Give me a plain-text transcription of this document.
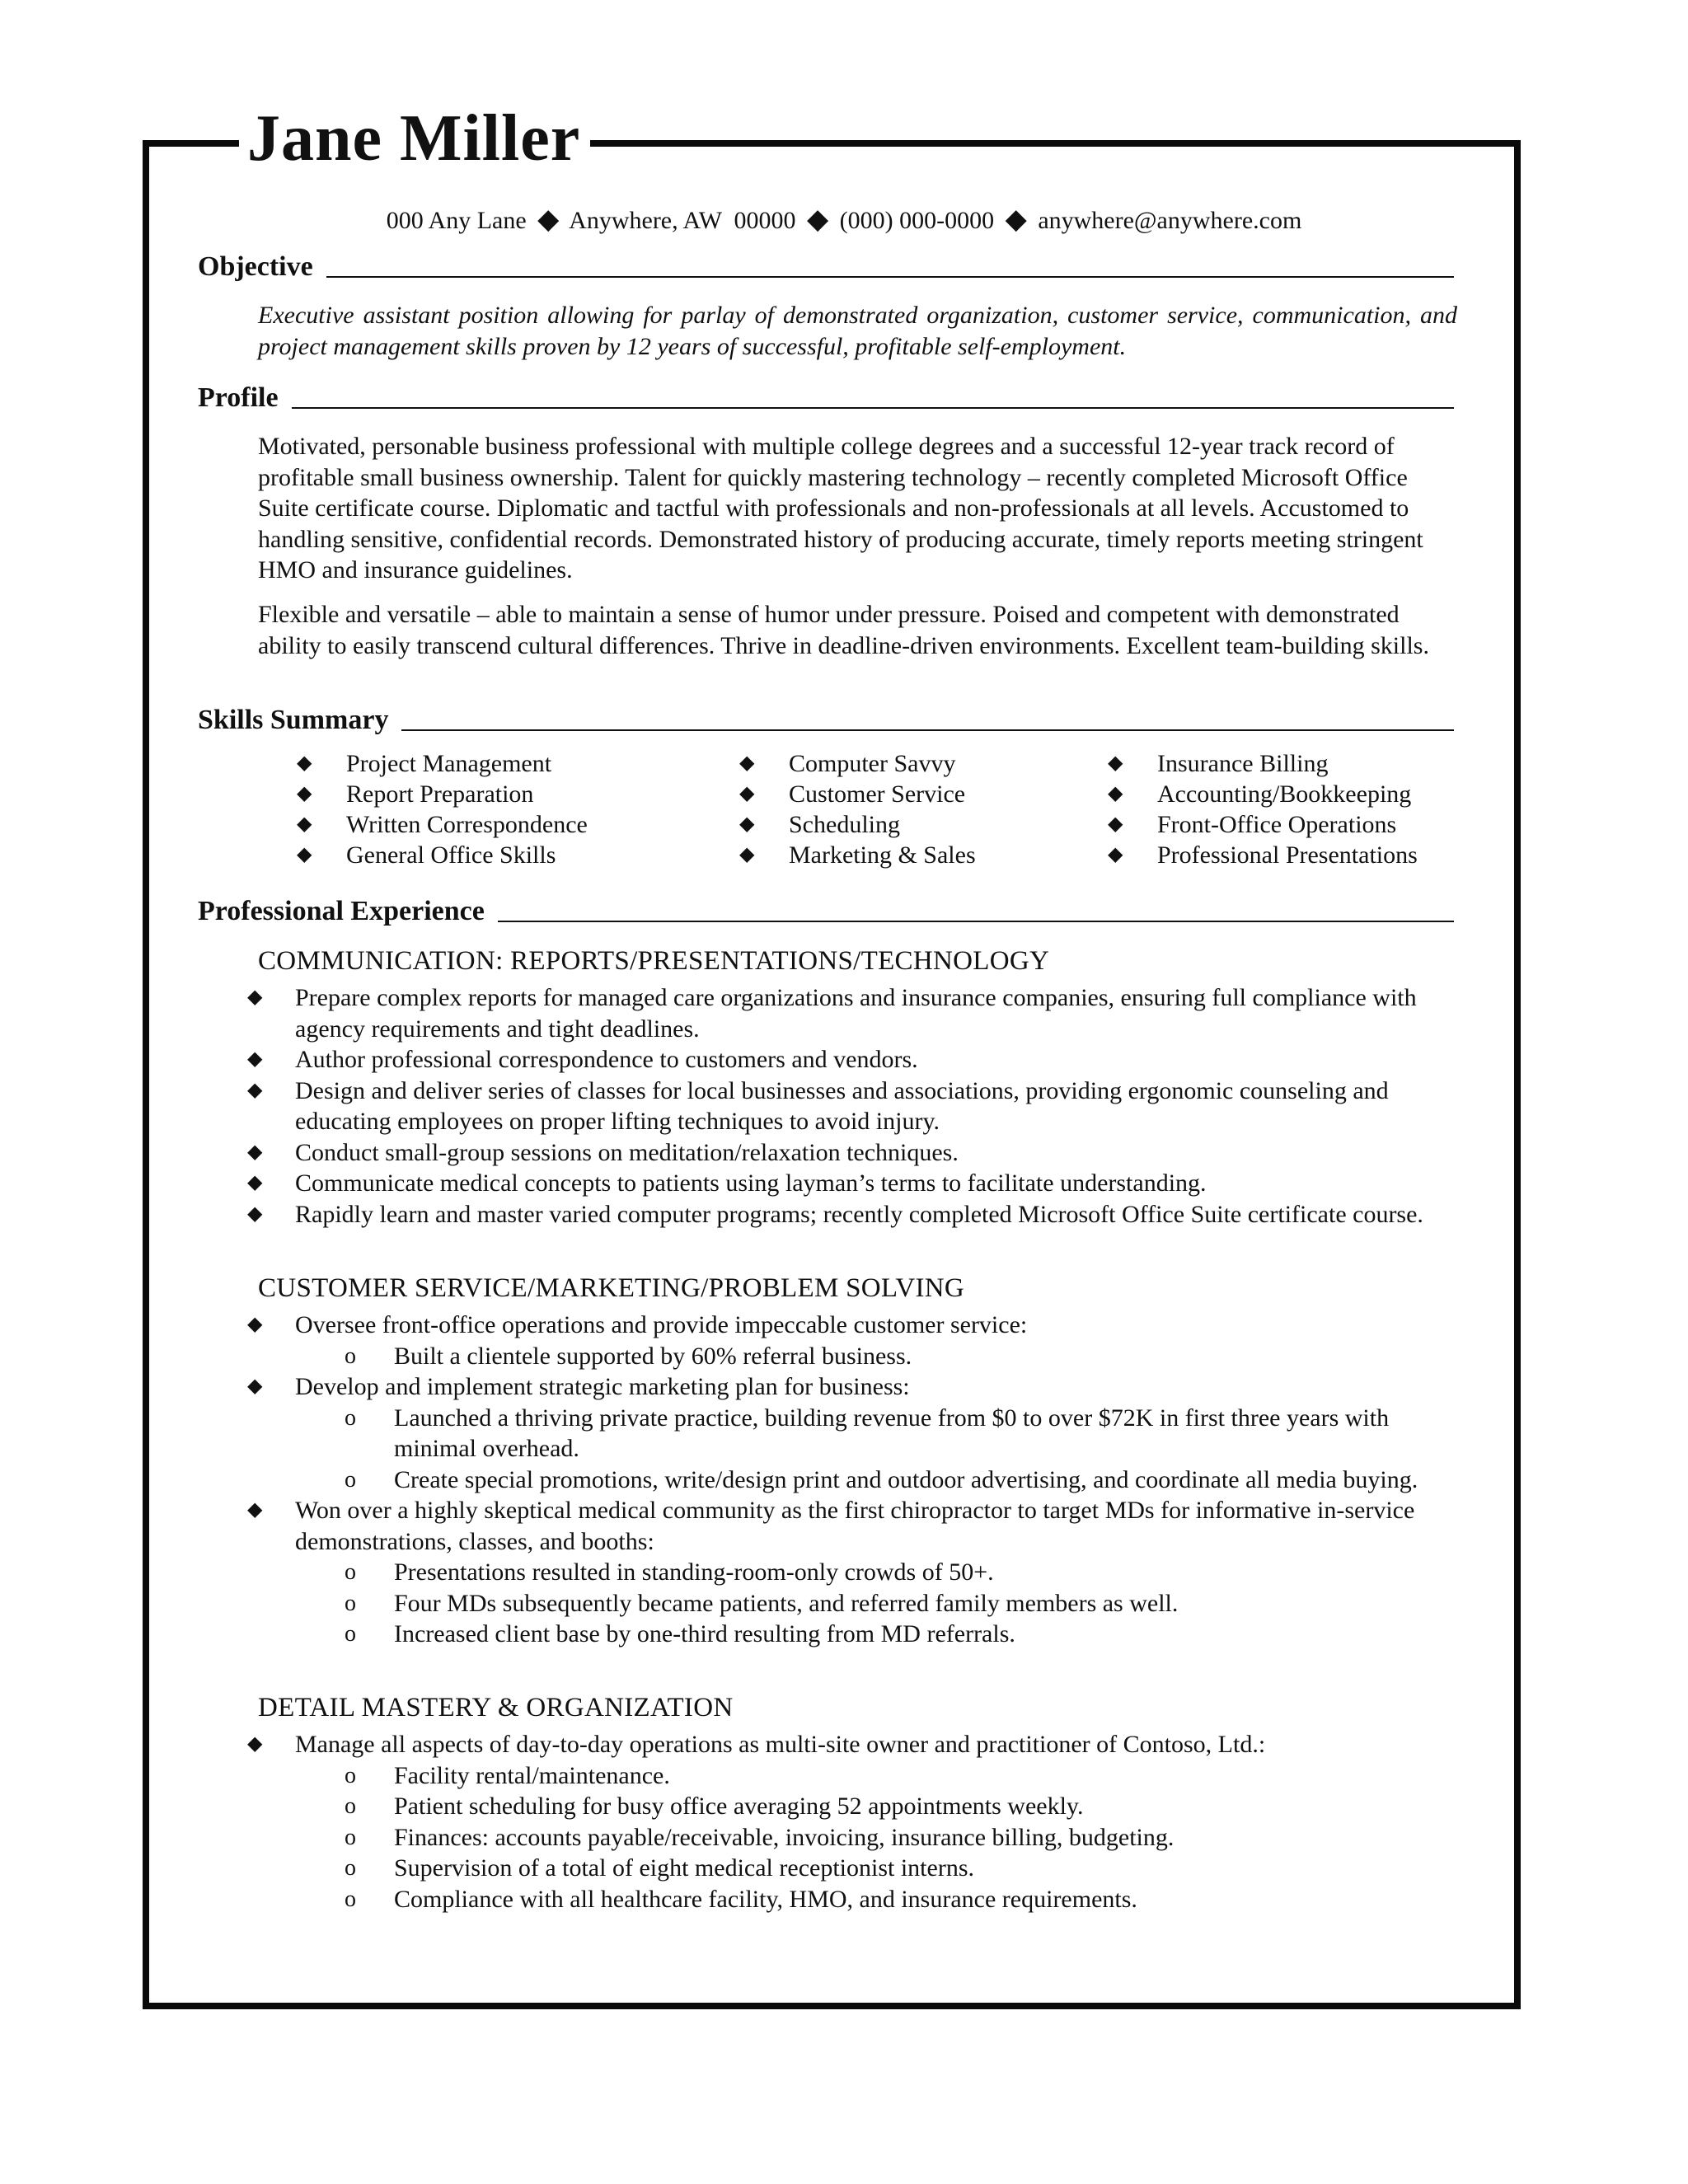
Jane Miller
000 Any Lane ◆ Anywhere, AW  00000 ◆ (000) 000-0000 ◆ anywhere@anywhere.com
Objective

Executive assistant position allowing for parlay of demonstrated organization, customer service, communication, and project management skills proven by 12 years of successful, profitable self-employment.

Profile

Motivated, personable business professional with multiple college degrees and a successful 12-year track record of profitable small business ownership. Talent for quickly mastering technology – recently completed Microsoft Office Suite certificate course. Diplomatic and tactful with professionals and non-professionals at all levels. Accustomed to handling sensitive, confidential records. Demonstrated history of producing accurate, timely reports meeting stringent HMO and insurance guidelines.

Flexible and versatile – able to maintain a sense of humor under pressure. Poised and competent with demonstrated ability to easily transcend cultural differences. Thrive in deadline-driven environments. Excellent team-building skills.

Skills Summary
◆ Project Management
◆ Report Preparation
◆ Written Correspondence
◆ General Office Skills
◆ Computer Savvy
◆ Customer Service
◆ Scheduling
◆ Marketing & Sales
◆ Insurance Billing
◆ Accounting/Bookkeeping
◆ Front-Office Operations
◆ Professional Presentations
Professional Experience
COMMUNICATION: REPORTS/PRESENTATIONS/TECHNOLOGY
◆ Prepare complex reports for managed care organizations and insurance companies, ensuring full compliance with agency requirements and tight deadlines.
◆ Author professional correspondence to customers and vendors.
◆ Design and deliver series of classes for local businesses and associations, providing ergonomic counseling and educating employees on proper lifting techniques to avoid injury.
◆ Conduct small-group sessions on meditation/relaxation techniques.
◆ Communicate medical concepts to patients using layman’s terms to facilitate understanding.
◆ Rapidly learn and master varied computer programs; recently completed Microsoft Office Suite certificate course.
CUSTOMER SERVICE/MARKETING/PROBLEM SOLVING
◆ Oversee front-office operations and provide impeccable customer service:
o Built a clientele supported by 60% referral business.
◆ Develop and implement strategic marketing plan for business:
o Launched a thriving private practice, building revenue from $0 to over $72K in first three years with minimal overhead.
o Create special promotions, write/design print and outdoor advertising, and coordinate all media buying.
◆ Won over a highly skeptical medical community as the first chiropractor to target MDs for informative in-service demonstrations, classes, and booths:
o Presentations resulted in standing-room-only crowds of 50+.
o Four MDs subsequently became patients, and referred family members as well.
o Increased client base by one-third resulting from MD referrals.
DETAIL MASTERY & ORGANIZATION
◆ Manage all aspects of day-to-day operations as multi-site owner and practitioner of Contoso, Ltd.:
o Facility rental/maintenance.
o Patient scheduling for busy office averaging 52 appointments weekly.
o Finances: accounts payable/receivable, invoicing, insurance billing, budgeting.
o Supervision of a total of eight medical receptionist interns.
o Compliance with all healthcare facility, HMO, and insurance requirements.
